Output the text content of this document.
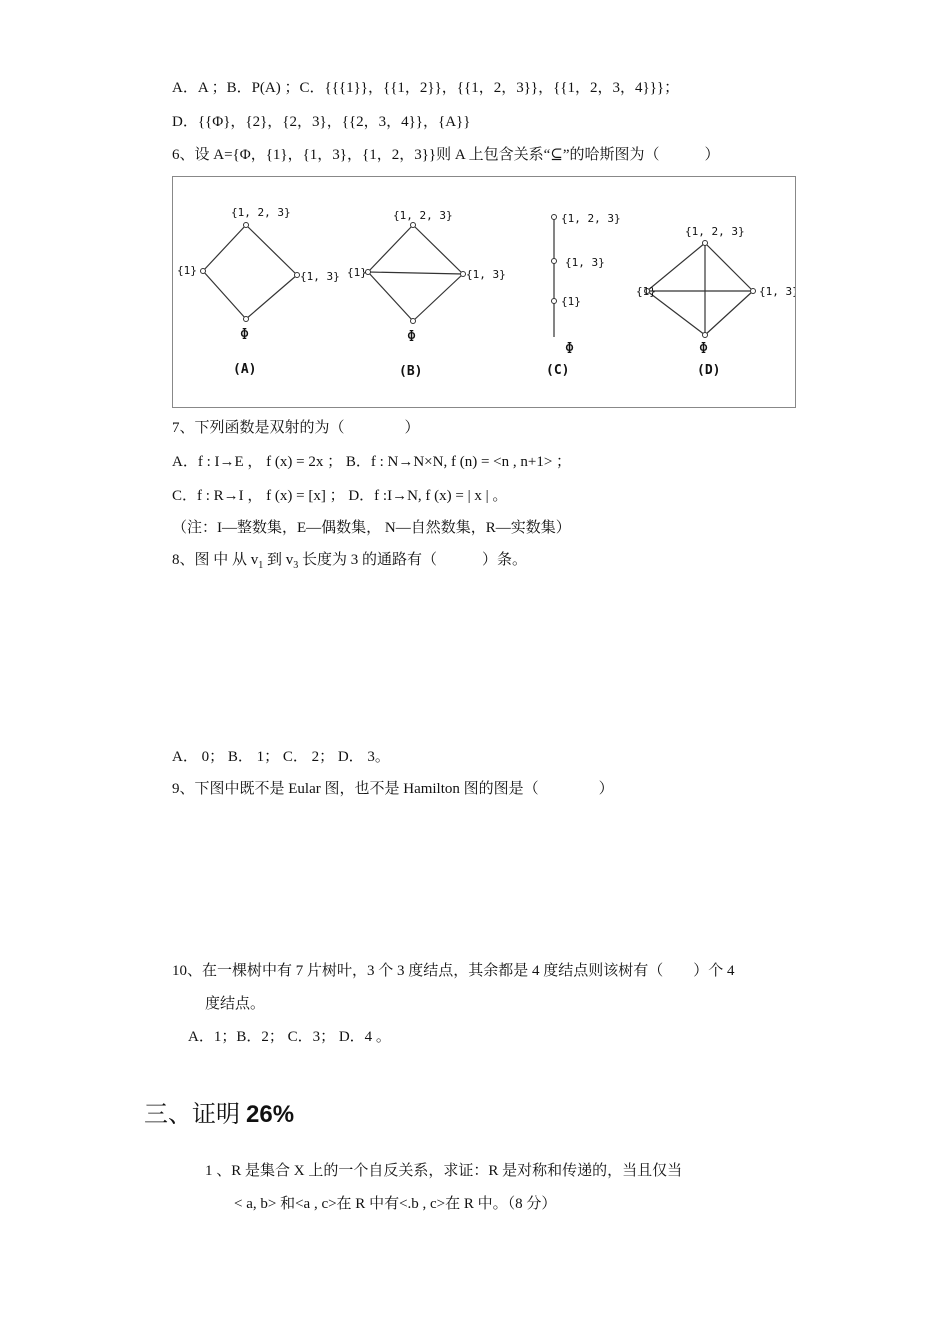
A．A ；B．P(A) ；C．{{{1}}，{{1，2}}，{{1，2，3}}，{{1，2，3，4}}}；
D．{{Φ}，{2}，{2，3}，{{2，3，4}}，{A}}
6、设 A={Φ，{1}，{1，3}，{1，2，3}}则 A 上包含关系“⊆”的哈斯图为（　　　）
{1, 2, 3}
{1}	{1, 3}
Φ
(A)
{1, 2, 3}
{1}	{1, 3}
Φ
(B)
{1, 2, 3}
{1, 3}
{1}
Φ
(C)
{1, 2, 3}
{1}	{1, 3}
Φ
(D)
7、下列函数是双射的为（　　　　）
A．f : I→E ， f (x) = 2x ； B．f : N→N×N, f (n) = <n , n+1> ；
C．f : R→I ， f (x) = [x] ； D．f :I→N, f (x) = | x | 。
（注：I—整数集，E—偶数集， N—自然数集，R—实数集）
8、图 中 从 $v_1$ 到 $v_3$ 长度为 3 的通路有（　　　）条。
A． 0； B． 1； C． 2； D． 3。
9、下图中既不是 Eular 图，也不是 Hamilton 图的图是（　　　　）
10、在一棵树中有 7 片树叶，3 个 3 度结点，其余都是 4 度结点则该树有（　　）个 4
度结点。
A．1；B．2； C．3； D．4 。
三、证明 26%
1 、R 是集合 X 上的一个自反关系，求证：R 是对称和传递的，当且仅当
< a, b> 和<a , c>在 R 中有<.b , c>在 R 中。（8 分）
